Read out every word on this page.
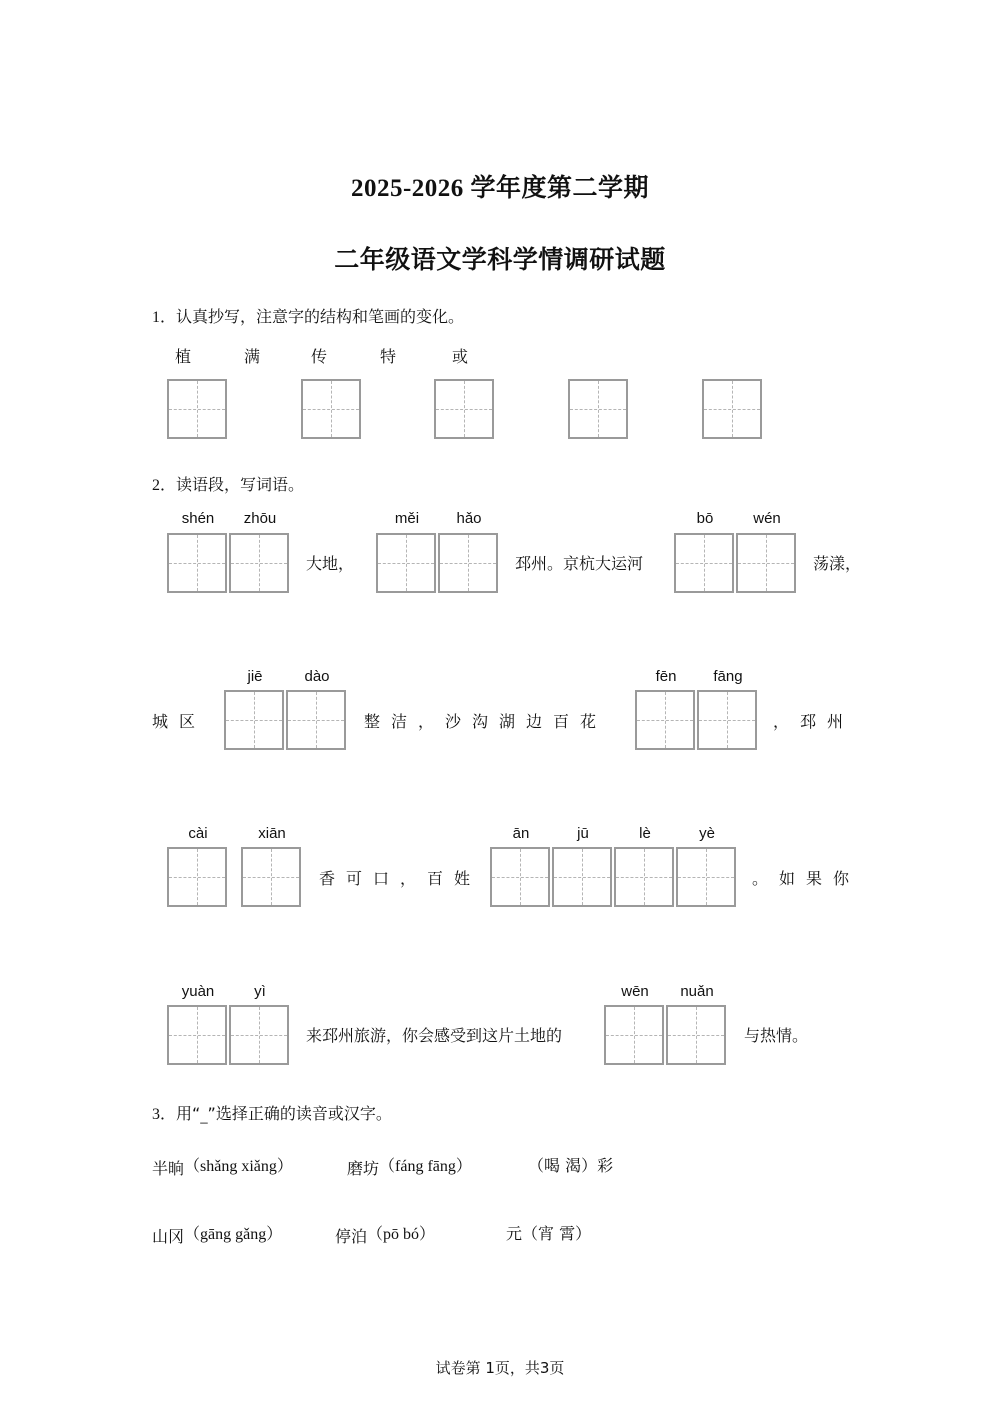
2025-2026 学年度第二学期
二年级语文学科学情调研试题
1．认真抄写，注意字的结构和笔画的变化。
植	满	传	特	或
2．读语段，写词语。
shén	zhōu
大地，
měi	hǎo
邳州。京杭大运河
bō	wén
荡漾，
城区
jiē	dào
整洁，沙沟湖边百花
fēn	fāng
，邳州
cài	xiān
香可口，百姓
ān	jū	lè	yè
。如果你
yuàn	yì
来邳州旅游，你会感受到这片土地的
wēn	nuǎn
与热情。
3．用“_”选择正确的读音或汉字。
半晌（shǎng xiǎng）	磨坊（fáng fāng）	（喝 渴）彩
山冈（gāng gǎng）	停泊（pō bó）	元（宵 霄）
试卷第 1页，共3页
